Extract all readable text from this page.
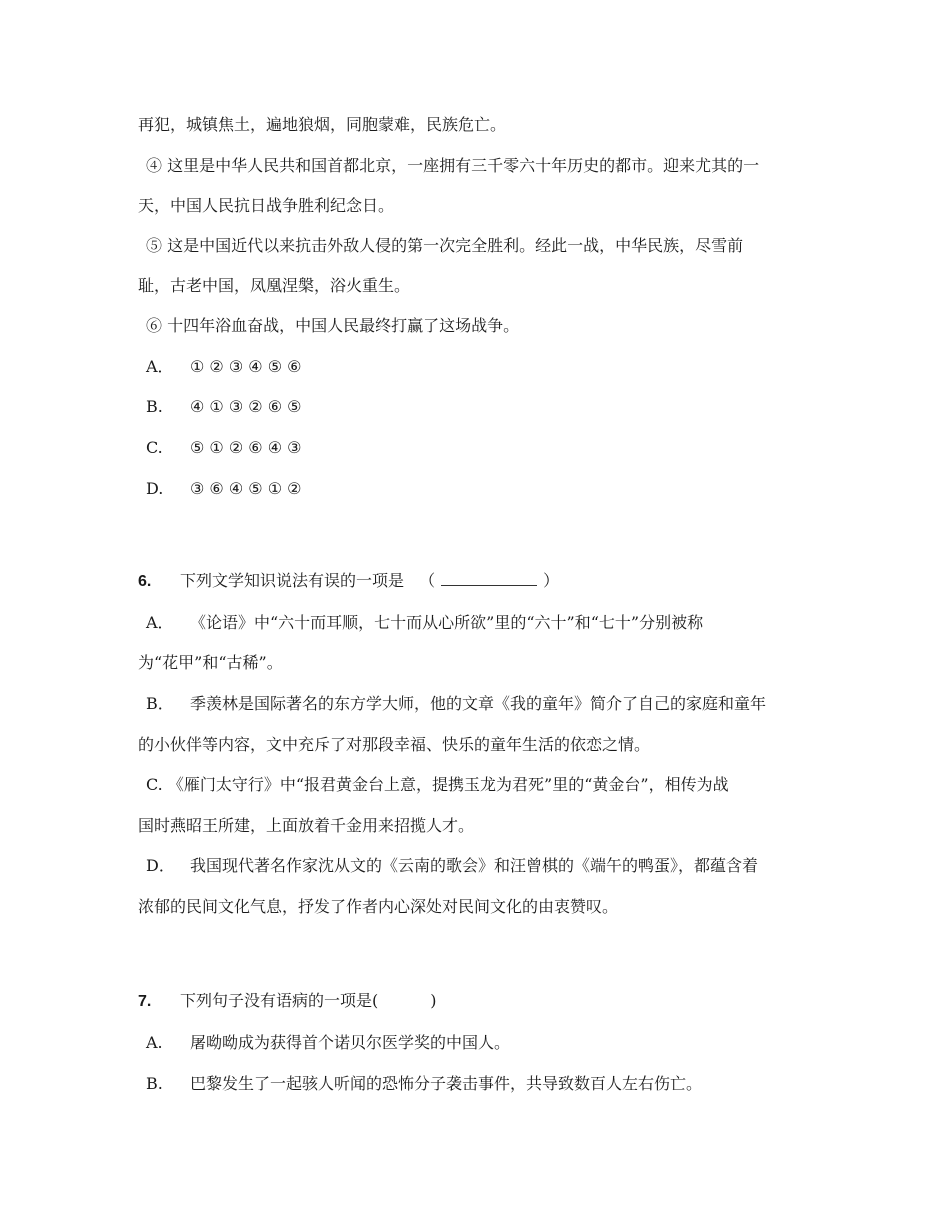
再犯，城镇焦土，遍地狼烟，同胞蒙难，民族危亡。
④ 这里是中华人民共和国首都北京，一座拥有三千零六十年历史的都市。迎来尤其的一
天，中国人民抗日战争胜利纪念日。
⑤ 这是中国近代以来抗击外敌人侵的第一次完全胜利。经此一战，中华民族，尽雪前
耻，古老中国，凤凰涅槃，浴火重生。
⑥ 十四年浴血奋战，中国人民最终打赢了这场战争。
A． ① ② ③ ④ ⑤ ⑥
B. ④ ① ③ ② ⑥ ⑤
C. ⑤ ① ② ⑥ ④ ③
D. ③ ⑥ ④ ⑤ ① ②
6. 下列文学知识说法有误的一项是 （	）
A． 《论语》中“六十而耳顺，七十而从心所欲”里的“六十”和“七十”分别被称
为“花甲”和“古稀”。
B． 季羡林是国际著名的东方学大师，他的文章《我的童年》简介了自己的家庭和童年
的小伙伴等内容，文中充斥了对那段幸福、快乐的童年生活的依恋之情。
C. 《雁门太守行》中“报君黄金台上意，提携玉龙为君死”里的“黄金台”，相传为战
国时燕昭王所建，上面放着千金用来招揽人才。
D． 我国现代著名作家沈从文的《云南的歌会》和汪曾棋的《端午的鸭蛋》，都蕴含着
浓郁的民间文化气息，抒发了作者内心深处对民间文化的由衷赞叹。
7. 下列句子没有语病的一项是(	)
A. 屠呦呦成为获得首个诺贝尔医学奖的中国人。
B. 巴黎发生了一起骇人听闻的恐怖分子袭击事件，共导致数百人左右伤亡。
